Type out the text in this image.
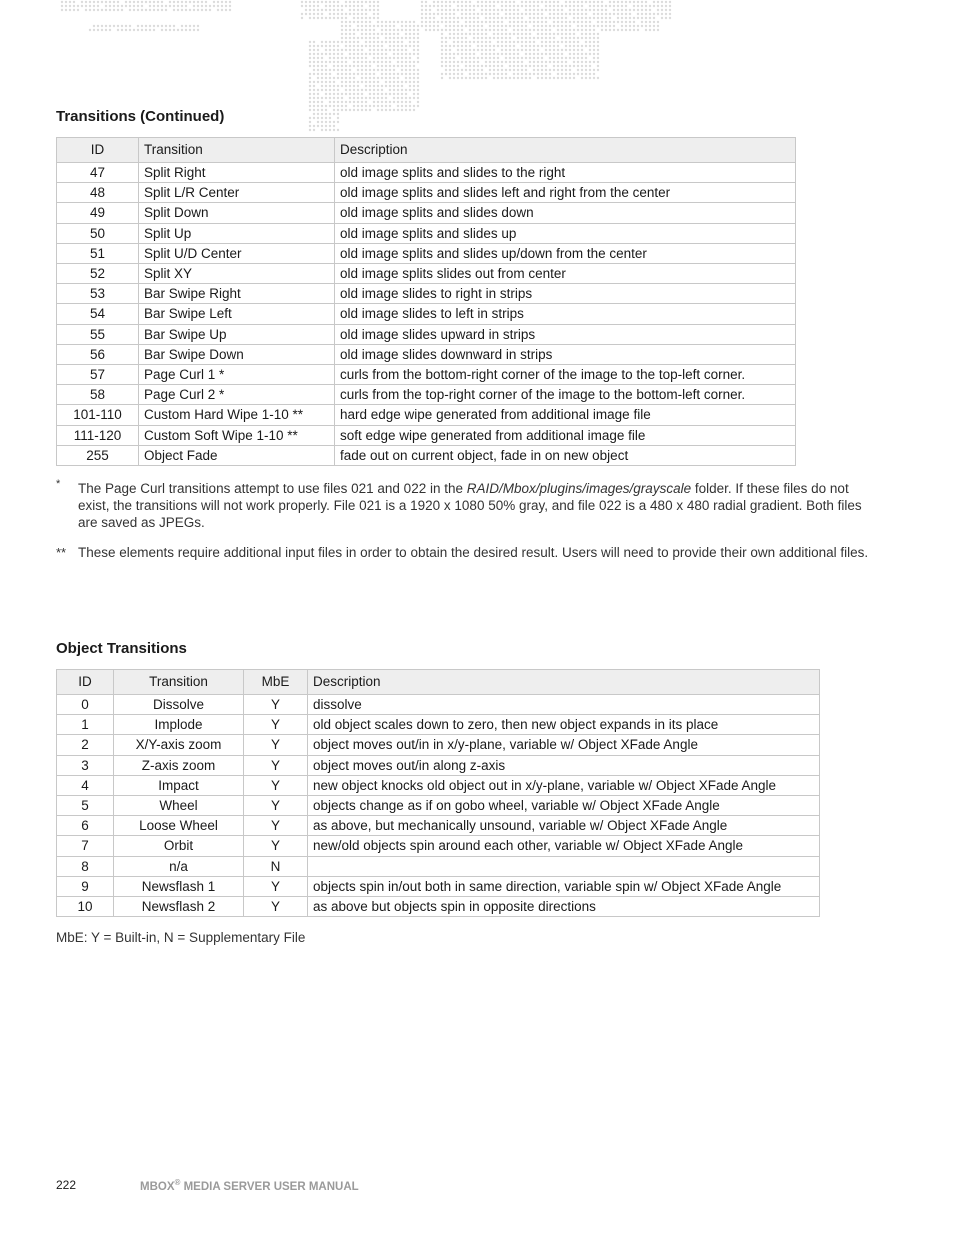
Transitions (Continued)
ID	Transition	Description
47	Split Right	old image splits and slides to the right
48	Split L/R Center	old image splits and slides left and right from the center
49	Split Down	old image splits and slides down
50	Split Up	old image splits and slides up
51	Split U/D Center	old image splits and slides up/down from the center
52	Split XY	old image splits slides out from center
53	Bar Swipe Right	old image slides to right in strips
54	Bar Swipe Left	old image slides to left in strips
55	Bar Swipe Up	old image slides upward in strips
56	Bar Swipe Down	old image slides downward in strips
57	Page Curl 1 *	curls from the bottom-right corner of the image to the top-left corner.
58	Page Curl 2 *	curls from the top-right corner of the image to the bottom-left corner.
101-110	Custom Hard Wipe 1-10 **	hard edge wipe generated from additional image file
111-120	Custom Soft Wipe 1-10 **	soft edge wipe generated from additional image file
255	Object Fade	fade out on current object, fade in on new object
* The Page Curl transitions attempt to use files 021 and 022 in the RAID/Mbox/plugins/images/grayscale folder. If these files do not exist, the transitions will not work properly. File 021 is a 1920 x 1080 50% gray, and file 022 is a 480 x 480 radial gradient. Both files are saved as JPEGs.
** These elements require additional input files in order to obtain the desired result. Users will need to provide their own additional files.
Object Transitions
ID	Transition	MbE	Description
0	Dissolve	Y	dissolve
1	Implode	Y	old object scales down to zero, then new object expands in its place
2	X/Y-axis zoom	Y	object moves out/in in x/y-plane, variable w/ Object XFade Angle
3	Z-axis zoom	Y	object moves out/in along z-axis
4	Impact	Y	new object knocks old object out in x/y-plane, variable w/ Object XFade Angle
5	Wheel	Y	objects change as if on gobo wheel, variable w/ Object XFade Angle
6	Loose Wheel	Y	as above, but mechanically unsound, variable w/ Object XFade Angle
7	Orbit	Y	new/old objects spin around each other, variable w/ Object XFade Angle
8	n/a	N	
9	Newsflash 1	Y	objects spin in/out both in same direction, variable spin w/ Object XFade Angle
10	Newsflash 2	Y	as above but objects spin in opposite directions
MbE: Y = Built-in, N = Supplementary File
222	MBOX® MEDIA SERVER USER MANUAL
